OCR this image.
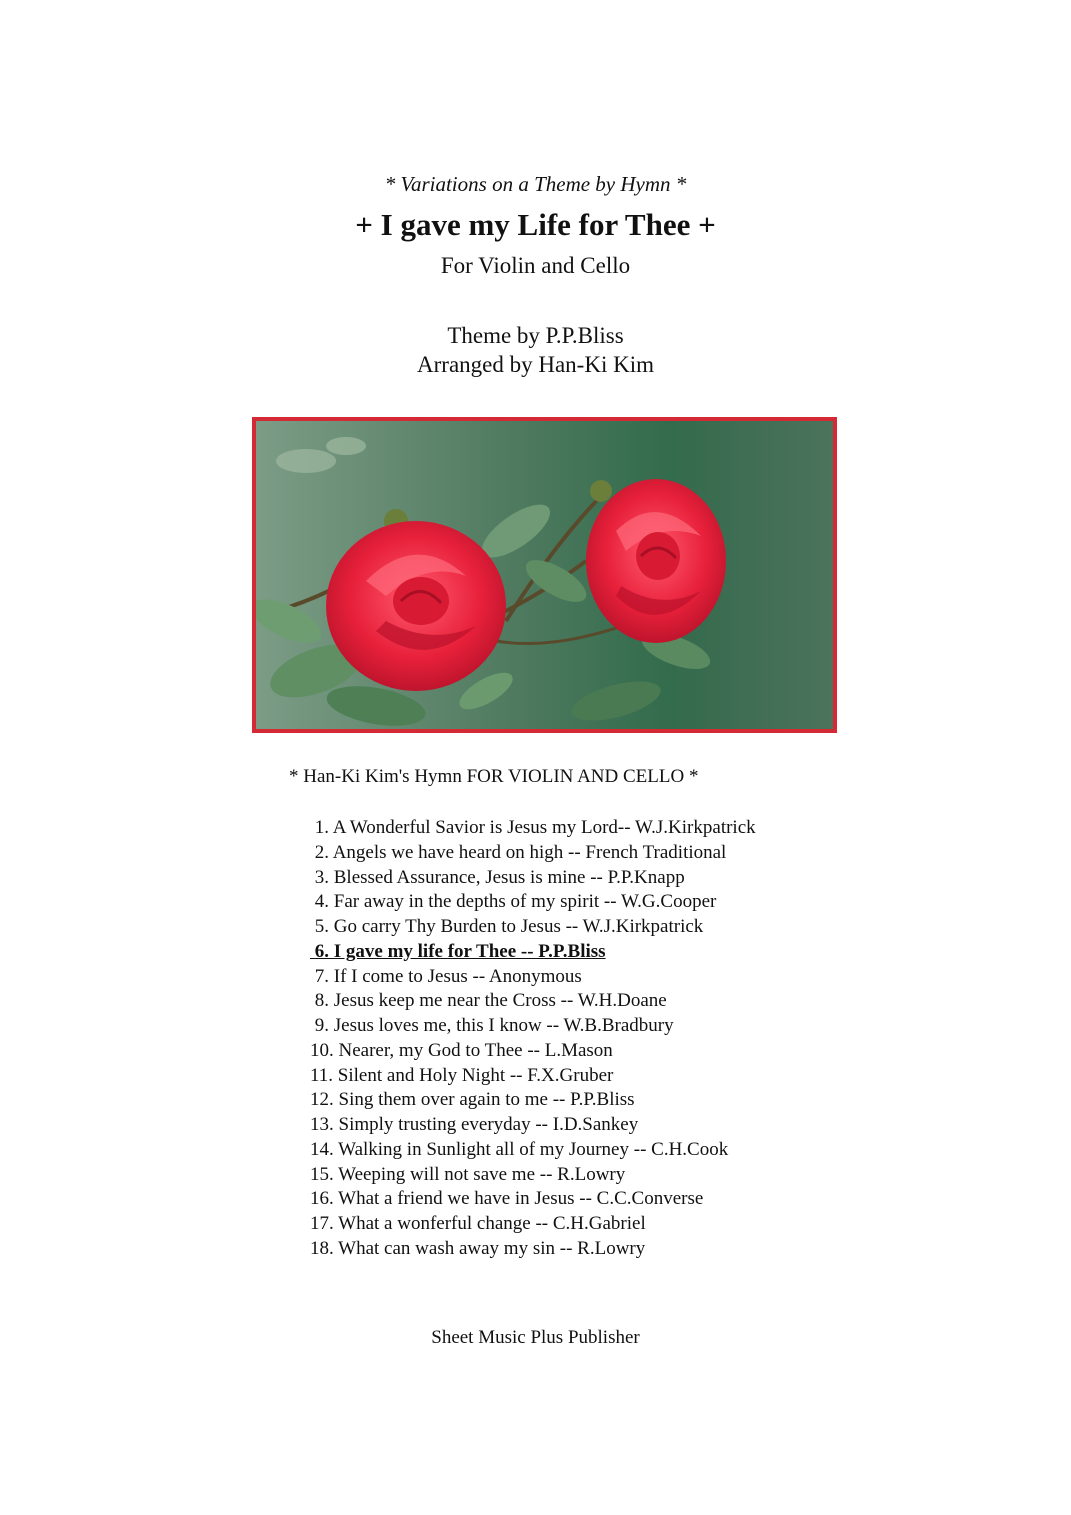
* Variations on a Theme by Hymn *
+ I gave my Life for Thee +
For Violin and Cello
Theme by P.P.Bliss
Arranged by Han-Ki Kim
* Han-Ki Kim's Hymn FOR VIOLIN AND CELLO *
1. A Wonderful Savior is Jesus my Lord-- W.J.Kirkpatrick
2. Angels we have heard on high -- French Traditional
3. Blessed Assurance, Jesus is mine -- P.P.Knapp
4. Far away in the depths of my spirit -- W.G.Cooper
5. Go carry Thy Burden to Jesus -- W.J.Kirkpatrick
6. I gave my life for Thee -- P.P.Bliss
7. If I come to Jesus -- Anonymous
8. Jesus keep me near the Cross -- W.H.Doane
9. Jesus loves me, this I know -- W.B.Bradbury
10. Nearer, my God to Thee -- L.Mason
11. Silent and Holy Night -- F.X.Gruber
12. Sing them over again to me -- P.P.Bliss
13. Simply trusting everyday -- I.D.Sankey
14. Walking in Sunlight all of my Journey -- C.H.Cook
15. Weeping will not save me -- R.Lowry
16. What a friend we have in Jesus -- C.C.Converse
17. What a wonferful change -- C.H.Gabriel
18. What can wash away my sin -- R.Lowry
Sheet Music Plus Publisher
